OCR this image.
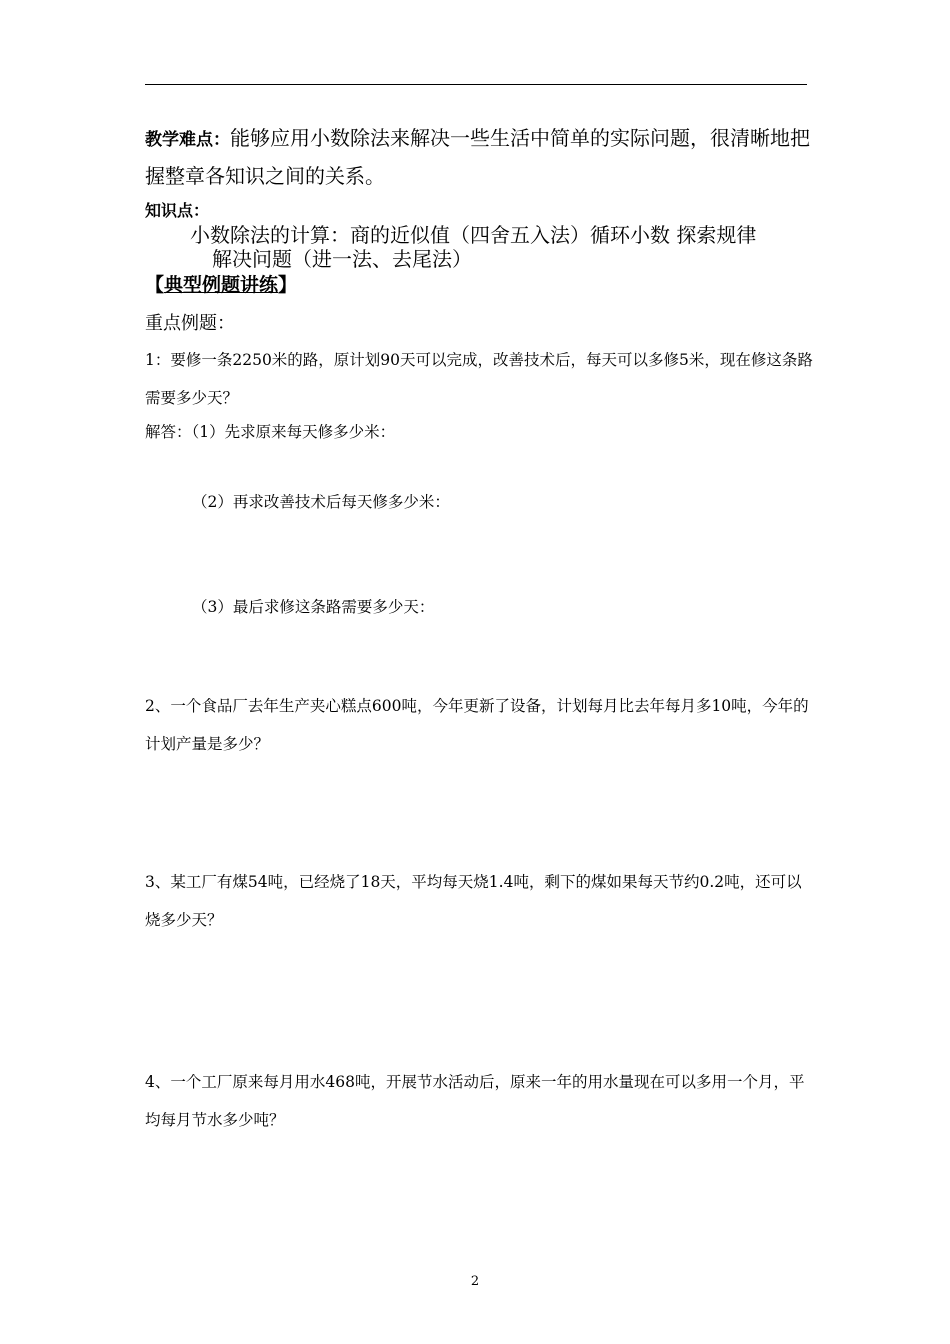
教学难点：能够应用小数除法来解决一些生活中简单的实际问题，很清晰地把握整章各知识之间的关系。
知识点：
小数除法的计算：商的近似值（四舍五入法）循环小数 探索规律
解决问题（进一法、去尾法）
【典型例题讲练】
重点例题：
1：要修一条2250米的路，原计划90天可以完成，改善技术后，每天可以多修5米，现在修这条路需要多少天？
解答：（1）先求原来每天修多少米：
（2）再求改善技术后每天修多少米：
（3）最后求修这条路需要多少天：
2、一个食品厂去年生产夹心糕点600吨，今年更新了设备，计划每月比去年每月多10吨，今年的计划产量是多少？
3、某工厂有煤54吨，已经烧了18天，平均每天烧1.4吨，剩下的煤如果每天节约0.2吨，还可以烧多少天？
4、一个工厂原来每月用水468吨，开展节水活动后，原来一年的用水量现在可以多用一个月，平均每月节水多少吨？
2
